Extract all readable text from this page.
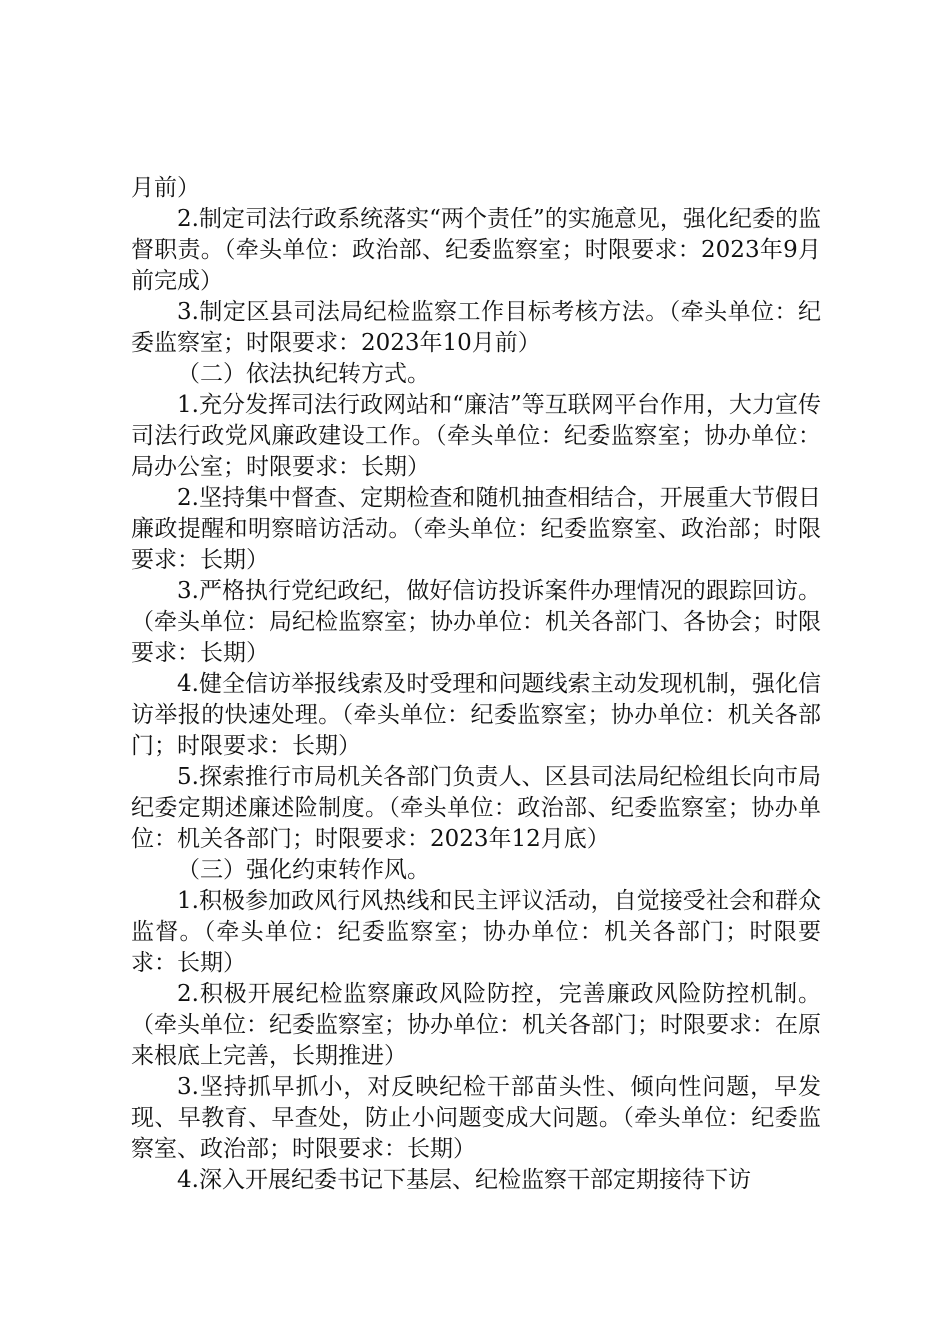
月前）

2.制定司法行政系统落实“两个责任”的实施意见，强化纪委的监督职责。（牵头单位：政治部、纪委监察室；时限要求：2023年9月前完成）

3.制定区县司法局纪检监察工作目标考核方法。（牵头单位：纪委监察室；时限要求：2023年10月前）

（二）依法执纪转方式。

1.充分发挥司法行政网站和“廉洁”等互联网平台作用，大力宣传司法行政党风廉政建设工作。（牵头单位：纪委监察室；协办单位：局办公室；时限要求：长期）

2.坚持集中督查、定期检查和随机抽查相结合，开展重大节假日廉政提醒和明察暗访活动。（牵头单位：纪委监察室、政治部；时限要求：长期）

3.严格执行党纪政纪，做好信访投诉案件办理情况的跟踪回访。（牵头单位：局纪检监察室；协办单位：机关各部门、各协会；时限要求：长期）

4.健全信访举报线索及时受理和问题线索主动发现机制，强化信访举报的快速处理。（牵头单位：纪委监察室；协办单位：机关各部门；时限要求：长期）

5.探索推行市局机关各部门负责人、区县司法局纪检组长向市局纪委定期述廉述险制度。（牵头单位：政治部、纪委监察室；协办单位：机关各部门；时限要求：2023年12月底）

（三）强化约束转作风。

1.积极参加政风行风热线和民主评议活动，自觉接受社会和群众监督。（牵头单位：纪委监察室；协办单位：机关各部门；时限要求：长期）

2.积极开展纪检监察廉政风险防控，完善廉政风险防控机制。（牵头单位：纪委监察室；协办单位：机关各部门；时限要求：在原来根底上完善，长期推进）

3.坚持抓早抓小，对反映纪检干部苗头性、倾向性问题，早发现、早教育、早查处，防止小问题变成大问题。（牵头单位：纪委监察室、政治部；时限要求：长期）

4.深入开展纪委书记下基层、纪检监察干部定期接待下访
